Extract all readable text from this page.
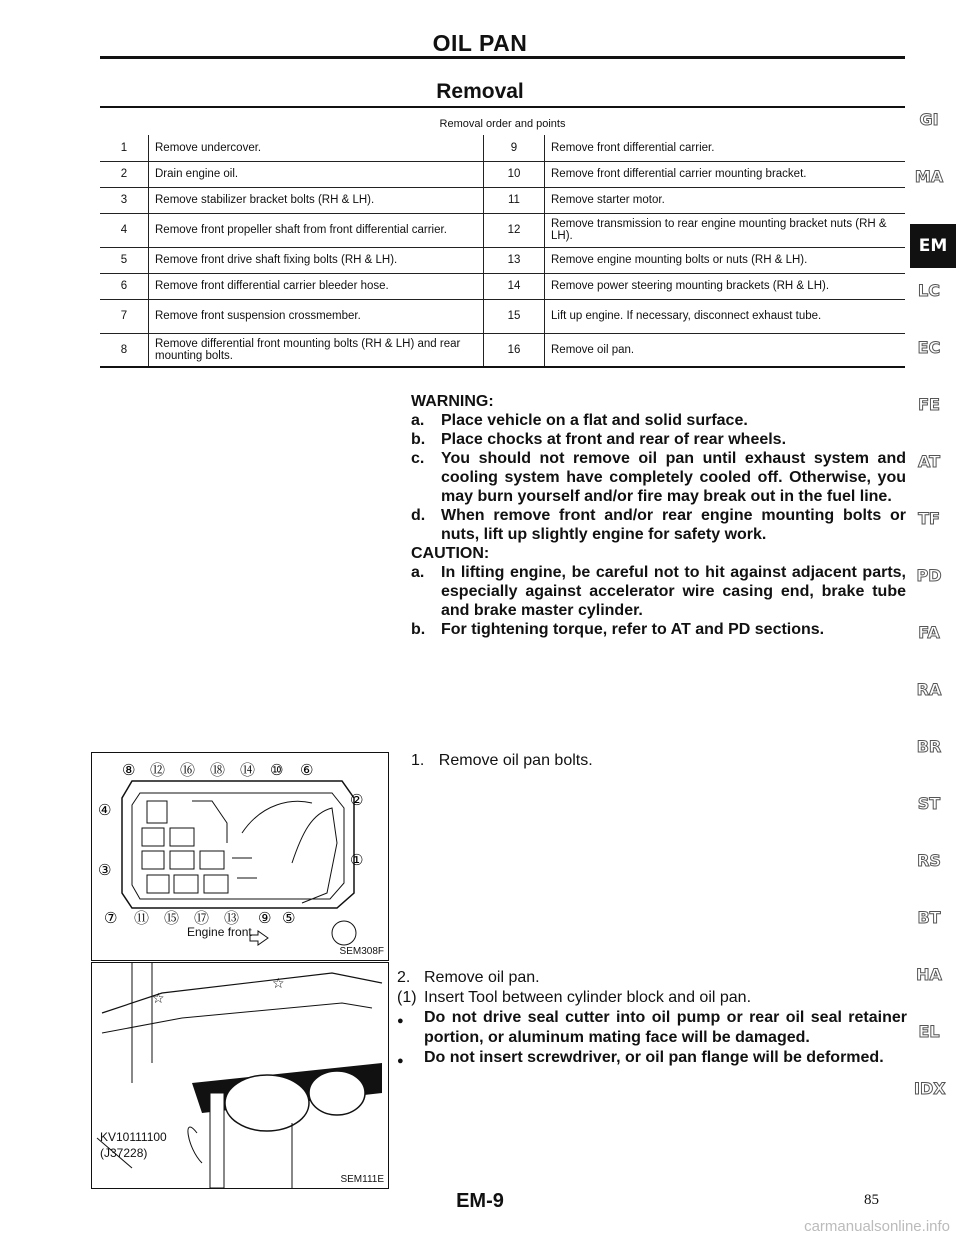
OIL PAN
Removal
Removal order and points
1	Remove undercover.	9	Remove front differential carrier.
2	Drain engine oil.	10	Remove front differential carrier mounting bracket.
3	Remove stabilizer bracket bolts (RH & LH).	11	Remove starter motor.
4	Remove front propeller shaft from front differential carrier.	12	Remove transmission to rear engine mounting bracket nuts (RH & LH).
5	Remove front drive shaft fixing bolts (RH & LH).	13	Remove engine mounting bolts or nuts (RH & LH).
6	Remove front differential carrier bleeder hose.	14	Remove power steering mounting brackets (RH & LH).
7	Remove front suspension crossmember.	15	Lift up engine. If necessary, disconnect exhaust tube.
8	Remove differential front mounting bolts (RH & LH) and rear mounting bolts.	16	Remove oil pan.
GI
MA
EM
LC
EC
FE
AT
TF
PD
FA
RA
BR
ST
RS
BT
HA
EL
IDX
WARNING:
a.	Place vehicle on a flat and solid surface.
b. Place chocks at front and rear of rear wheels.
c.	You should not remove oil pan until exhaust system and cooling system have completely cooled off. Otherwise, you may burn yourself and/or fire may break out in the fuel line.
d. When remove front and/or rear engine mounting bolts or nuts, lift up slightly engine for safety work.
CAUTION:
a.	In lifting engine, be careful not to hit against adjacent parts, especially against accelerator wire casing end, brake tube and brake master cylinder.
b. For tightening torque, refer to AT and PD sections.
⑧ ⑫ ⑯ ⑱ ⑭ ⑩ ⑥
⑦ ⑪ ⑮ ⑰ ⑬ ⑨ ⑤
④
③
②
①
Engine front
SEM308F
☆
☆
KV10111100
(J37228)
SEM111E
1. Remove oil pan bolts.
2. Remove oil pan.
(1) Insert Tool between cylinder block and oil pan.
●	Do not drive seal cutter into oil pump or rear oil seal retainer portion, or aluminum mating face will be damaged.
●	Do not insert screwdriver, or oil pan flange will be deformed.
EM-9	85
carmanualsonline.info
